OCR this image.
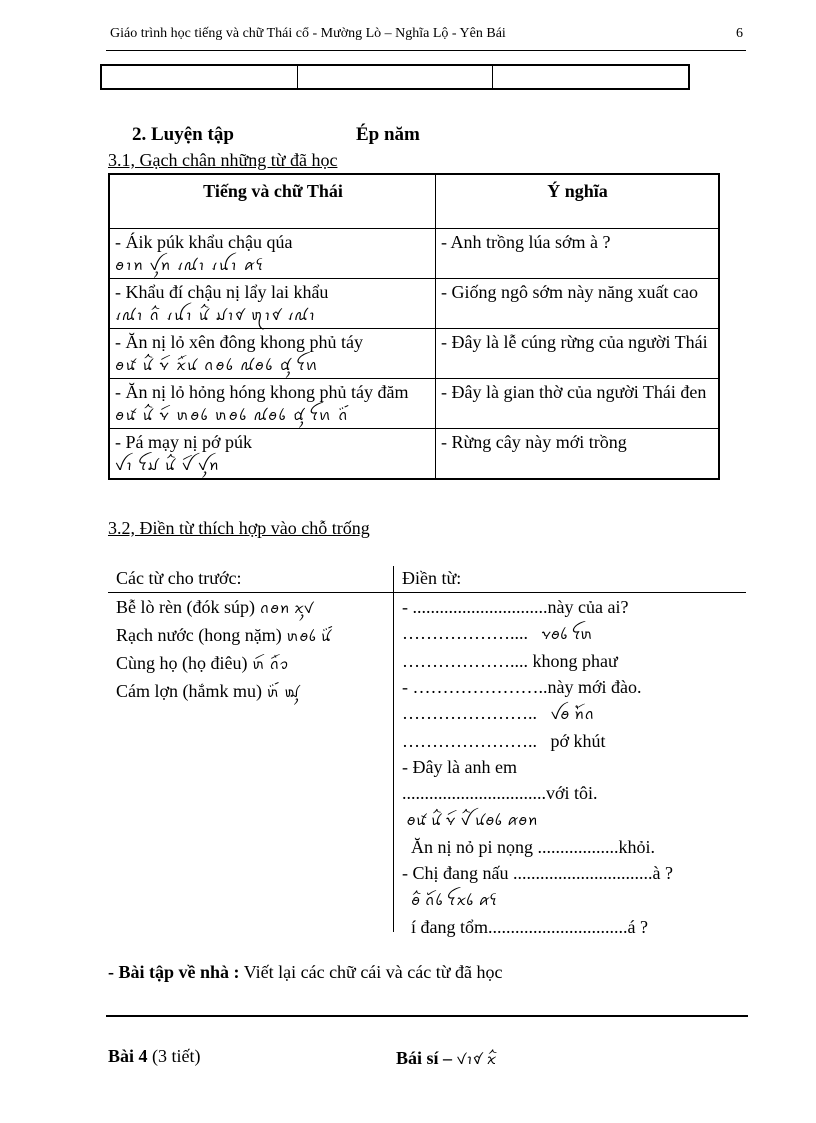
Giáo trình học tiếng và chữ Thái cổ - Mường Lò – Nghĩa Lộ - Yên Bái	6
2. Luyện tập	Ép năm
3.1, Gạch chân những từ đã học
Tiếng và chữ Thái	Ý nghĩa

- Áik púk khẩu chậu qúa
ꪮꪱꪀ ꪜꪴꪀ ꪹꪄꪱ ꪹꪊꪱ ꪁꪺ	- Anh trồng lúa sớm à ?

- Khẩu đí chậu nị lẩy lai khẩu
ꪹꪄꪱ ꪒꪲ ꪹꪊꪱ ꪙꪲ ꪣꪱꪥ ꪨꪱꪥ ꪹꪄꪱ	- Giống ngô sớm này năng xuất cao

- Ăn nị lỏ xên đông khong phủ táy
ꪮꪽ ꪙꪲ ꪩꪷ ꪎꪸꪙ ꪒꪮꪉ ꪄꪮꪉ ꪠꪴ ꪼꪕ	- Đây là lễ cúng rừng của người Thái

- Ăn nị lỏ hỏng hóng khong phủ táy đăm
ꪮꪽ ꪙꪲ ꪩꪷ ꪬꪮꪉ ꪬꪮꪉ ꪄꪮꪉ ꪠꪴ ꪼꪕ ꪒꪾ	- Đây là gian thờ của người Thái đen

- Pá mạy nị pớ púk
ꪜꪱ ꪼꪣ ꪙꪲ ꪜꪷ ꪜꪴꪀ	- Rừng cây này mới trồng
3.2, Điền từ thích hợp vào chỗ trống
Các từ cho trước:	Điền từ:
Bễ lò rèn (đók súp) ꪒꪮꪀ ꪎꪴꪚ
Rạch nước (hong nặm) ꪬꪮꪉ ꪙꪾ
Cùng họ (họ điêu) ꪬꪷ ꪒꪸꪫ
Cám lợn (hắmk mu) ꪬꪾ ꪢꪴ
- ..............................này của ai?
……………….... ꪩꪮꪉ ꪼꪬ
……………….... khong phaư
- …………………..này mới đào.
………………….. ꪜꪮ ꪀꪳꪒ
………………….. pớ khút
- Đây là anh em
................................với tôi.
ꪮꪽ ꪙꪲ ꪩꪷ ꪜꪲ ꪙꪮꪉ ꪁꪮꪀ
Ăn nị nỏ pi nọng ..................khỏi.
- Chị đang nấu ...............................à ?
ꪮꪲ ꪒꪰꪉ ꪼꪎꪉ ꪁꪺ
í đang tổm...............................á ?
- Bài tập về nhà : Viết lại các chữ cái và các từ đã học
Bài 4 (3 tiết)	Bái sí – ꪚꪱꪥ ꪎꪲ
